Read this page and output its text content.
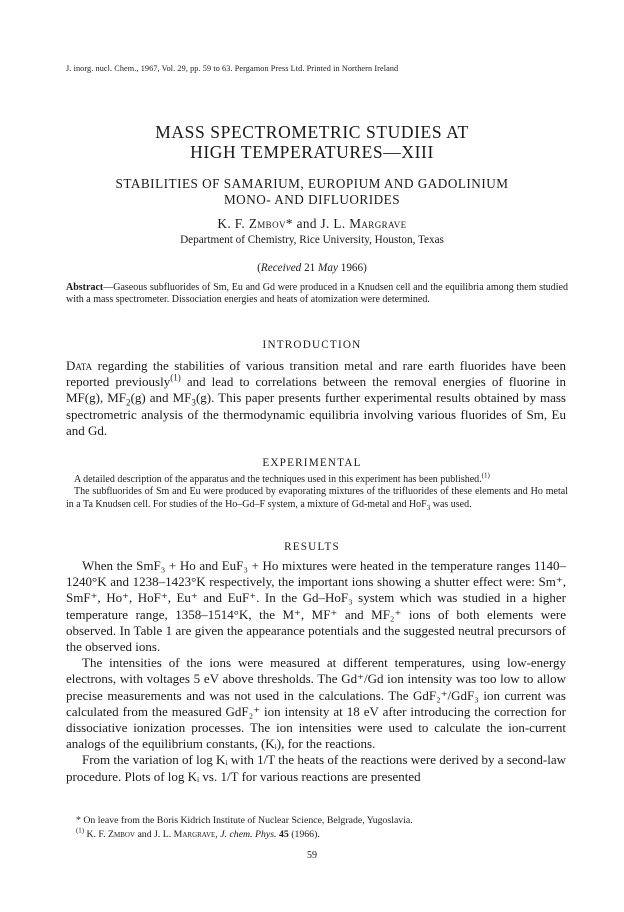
J. inorg. nucl. Chem., 1967, Vol. 29, pp. 59 to 63. Pergamon Press Ltd. Printed in Northern Ireland
MASS SPECTROMETRIC STUDIES AT
HIGH TEMPERATURES—XIII
STABILITIES OF SAMARIUM, EUROPIUM AND GADOLINIUM
MONO- AND DIFLUORIDES
K. F. Zmbov* and J. L. Margrave
Department of Chemistry, Rice University, Houston, Texas
(Received 21 May 1966)
Abstract—Gaseous subfluorides of Sm, Eu and Gd were produced in a Knudsen cell and the equilibria among them studied with a mass spectrometer. Dissociation energies and heats of atomization were determined.
INTRODUCTION
Data regarding the stabilities of various transition metal and rare earth fluorides have been reported previously$^{(1)}$ and lead to correlations between the removal energies of fluorine in MF(g), $MF_2(g)$ and $MF_3(g)$. This paper presents further experimental results obtained by mass spectrometric analysis of the thermodynamic equilibria involving various fluorides of Sm, Eu and Gd.
EXPERIMENTAL

A detailed description of the apparatus and the techniques used in this experiment has been published.$^{(1)}$

The subfluorides of Sm and Eu were produced by evaporating mixtures of the trifluorides of these elements and Ho metal in a Ta Knudsen cell. For studies of the Ho–Gd–F system, a mixture of Gd-metal and HoF$_3$ was used.

RESULTS

When the SmF₃ + Ho and EuF₃ + Ho mixtures were heated in the temperature ranges 1140–1240°K and 1238–1423°K respectively, the important ions showing a shutter effect were: Sm⁺, SmF⁺, Ho⁺, HoF⁺, Eu⁺ and EuF⁺. In the Gd–HoF₃ system which was studied in a higher temperature range, 1358–1514°K, the M⁺, MF⁺ and MF₂⁺ ions of both elements were observed. In Table 1 are given the appearance potentials and the suggested neutral precursors of the observed ions.

The intensities of the ions were measured at different temperatures, using low-energy electrons, with voltages 5 eV above thresholds. The Gd⁺/Gd ion intensity was too low to allow precise measurements and was not used in the calculations. The GdF₂⁺/GdF₃ ion current was calculated from the measured GdF₂⁺ ion intensity at 18 eV after introducing the correction for dissociative ionization processes. The ion intensities were used to calculate the ion-current analogs of the equilibrium constants, (Kᵢ), for the reactions.

From the variation of log Kᵢ with 1/T the heats of the reactions were derived by a second-law procedure. Plots of log Kᵢ vs. 1/T for various reactions are presented

* On leave from the Boris Kidrich Institute of Nuclear Science, Belgrade, Yugoslavia.
$^{(1)}$ K. F. Zmbov and J. L. Margrave, J. chem. Phys. 45 (1966).
59
